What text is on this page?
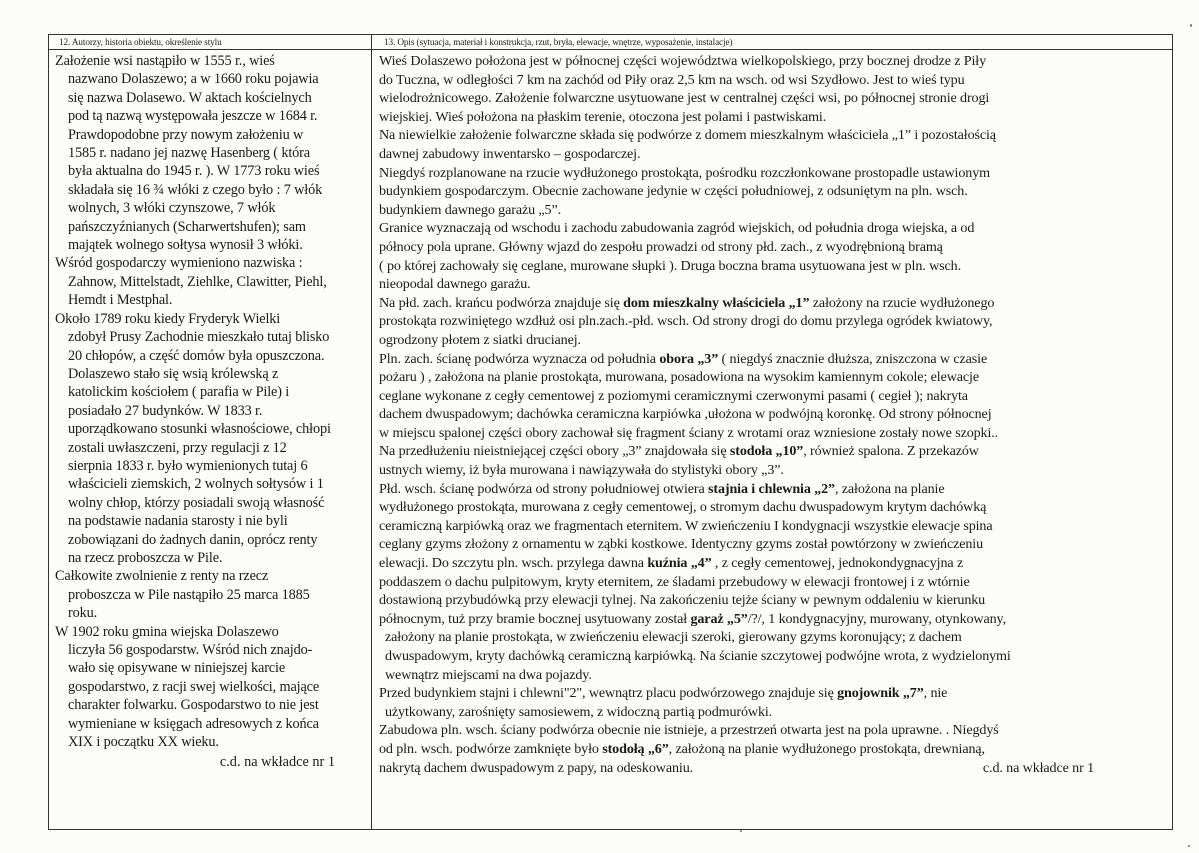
12. Autorzy, historia obiektu, określenie stylu
Założenie wsi nastąpiło w 1555 r., wieś
nazwano Dolaszewo; a w 1660 roku pojawia
się nazwa Dolasewo. W aktach kościelnych
pod tą nazwą występowała jeszcze w 1684 r.
Prawdopodobne przy nowym założeniu w
1585 r. nadano jej nazwę Hasenberg ( która
była aktualna do 1945 r. ). W 1773 roku wieś
składała się 16 ¾ włóki z czego było : 7 włók
wolnych, 3 włóki czynszowe, 7 włók
pańszczyźnianych (Scharwertshufen); sam
majątek wolnego sołtysa wynosił 3 włóki.
Wśród gospodarczy wymieniono nazwiska :
Zahnow, Mittelstadt, Ziehlke, Clawitter, Piehl,
Hemdt i Mestphal.
Około 1789 roku kiedy Fryderyk Wielki
zdobył Prusy Zachodnie mieszkało tutaj blisko
20 chłopów, a część domów była opuszczona.
Dolaszewo stało się wsią królewską z
katolickim kościołem ( parafia w Pile) i
posiadało 27 budynków. W 1833 r.
uporządkowano stosunki własnościowe, chłopi
zostali uwłaszczeni, przy regulacji z 12
sierpnia 1833 r. było wymienionych tutaj 6
właścicieli ziemskich, 2 wolnych sołtysów i 1
wolny chłop, którzy posiadali swoją własność
na podstawie nadania starosty i nie byli
zobowiązani do żadnych danin, oprócz renty
na rzecz proboszcza w Pile.
Całkowite zwolnienie z renty na rzecz
proboszcza w Pile nastąpiło 25 marca 1885
roku.
W 1902 roku gmina wiejska Dolaszewo
liczyła 56 gospodarstw. Wśród nich znajdo-
wało się opisywane w niniejszej karcie
gospodarstwo, z racji swej wielkości, mające
charakter folwarku. Gospodarstwo to nie jest
wymieniane w księgach adresowych z końca
XIX i początku XX wieku.
c.d. na wkładce nr 1
13. Opis (sytuacja, materiał i konstrukcja, rzut, bryła, elewacje, wnętrze, wyposażenie, instalacje)
Wieś Dolaszewo położona jest w północnej części województwa wielkopolskiego, przy bocznej drodze z Piły
do Tuczna, w odległości 7 km na zachód od Piły oraz 2,5 km na wsch. od wsi Szydłowo. Jest to wieś typu
wielodrożnicowego. Założenie folwarczne usytuowane jest w centralnej części wsi, po północnej stronie drogi
wiejskiej. Wieś położona na płaskim terenie, otoczona jest polami i pastwiskami.
Na niewielkie założenie folwarczne składa się podwórze z domem mieszkalnym właściciela „1” i pozostałością
dawnej zabudowy inwentarsko – gospodarczej.
Niegdyś rozplanowane na rzucie wydłużonego prostokąta, pośrodku rozczłonkowane prostopadle ustawionym
budynkiem gospodarczym. Obecnie zachowane jedynie w części południowej, z odsuniętym na pln. wsch.
budynkiem dawnego garażu „5”.
Granice wyznaczają od wschodu i zachodu zabudowania zagród wiejskich, od południa droga wiejska, a od
północy pola uprane. Główny wjazd do zespołu prowadzi od strony płd. zach., z wyodrębnioną bramą
( po której zachowały się ceglane, murowane słupki ). Druga boczna brama usytuowana jest w pln. wsch.
nieopodal dawnego garażu.
Na płd. zach. krańcu podwórza znajduje się dom mieszkalny właściciela „1” założony na rzucie wydłużonego
prostokąta rozwiniętego wzdłuż osi pln.zach.-płd. wsch. Od strony drogi do domu przylega ogródek kwiatowy,
ogrodzony płotem z siatki drucianej.
Pln. zach. ścianę podwórza wyznacza od południa obora „3” ( niegdyś znacznie dłuższa, zniszczona w czasie
pożaru ) , założona na planie prostokąta, murowana, posadowiona na wysokim kamiennym cokole; elewacje
ceglane wykonane z cegły cementowej z poziomymi ceramicznymi czerwonymi pasami ( cegieł ); nakryta
dachem dwuspadowym; dachówka ceramiczna karpiówka ,ułożona w podwójną koronkę. Od strony północnej
w miejscu spalonej części obory zachował się fragment ściany z wrotami oraz wzniesione zostały nowe szopki..
Na przedłużeniu nieistniejącej części obory „3” znajdowała się stodoła „10”, również spalona. Z przekazów
ustnych wiemy, iż była murowana i nawiązywała do stylistyki obory „3”.
Płd. wsch. ścianę podwórza od strony południowej otwiera stajnia i chlewnia „2”, założona na planie
wydłużonego prostokąta, murowana z cegły cementowej, o stromym dachu dwuspadowym krytym dachówką
ceramiczną karpiówką oraz we fragmentach eternitem. W zwieńczeniu I kondygnacji wszystkie elewacje spina
ceglany gzyms złożony z ornamentu w ząbki kostkowe. Identyczny gzyms został powtórzony w zwieńczeniu
elewacji. Do szczytu pln. wsch. przylega dawna kuźnia „4” , z cegły cementowej, jednokondygnacyjna z
poddaszem o dachu pulpitowym, kryty eternitem, ze śladami przebudowy w elewacji frontowej i z wtórnie
dostawioną przybudówką przy elewacji tylnej. Na zakończeniu tejże ściany w pewnym oddaleniu w kierunku
północnym, tuż przy bramie bocznej usytuowany został garaż „5”/?/, 1 kondygnacyjny, murowany, otynkowany,
założony na planie prostokąta, w zwieńczeniu elewacji szeroki, gierowany gzyms koronujący; z dachem
dwuspadowym, kryty dachówką ceramiczną karpiówką. Na ścianie szczytowej podwójne wrota, z wydzielonymi
wewnątrz miejscami na dwa pojazdy.
Przed budynkiem stajni i chlewni"2", wewnątrz placu podwórzowego znajduje się gnojownik „7”, nie
użytkowany, zarośnięty samosiewem, z widoczną partią podmurówki.
Zabudowa pln. wsch. ściany podwórza obecnie nie istnieje, a przestrzeń otwarta jest na pola uprawne. . Niegdyś
od pln. wsch. podwórze zamknięte było stodołą „6”, założoną na planie wydłużonego prostokąta, drewnianą,
nakrytą dachem dwuspadowym z papy, na odeskowaniu.	c.d. na wkładce nr 1
